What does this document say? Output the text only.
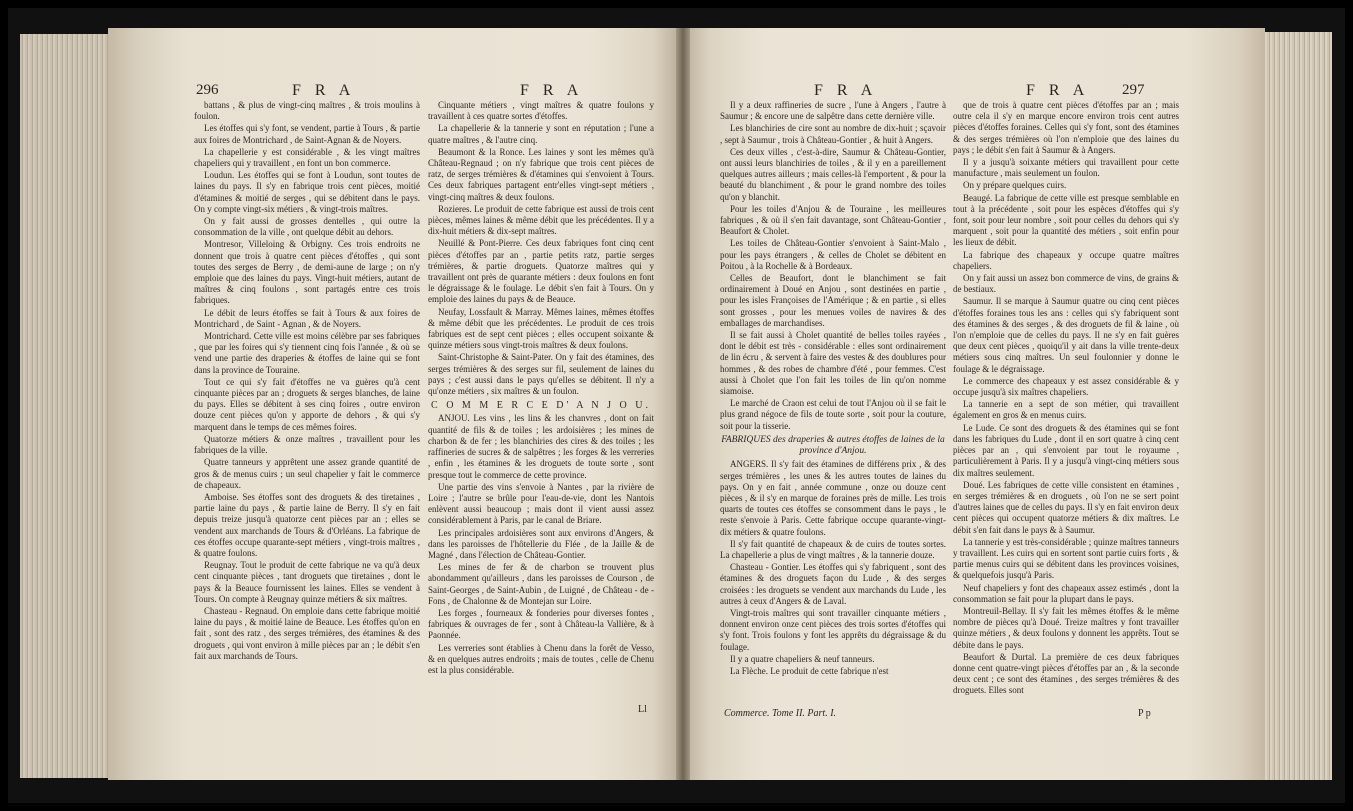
296	F R A	F R A	F R A	F R A 297

battans , & plus de vingt-cinq maîtres , & trois moulins à foulon.

Les étoffes qui s'y font, se vendent, partie à Tours , & partie aux foires de Montrichard , de Saint-Agnan & de Noyers.

La chapellerie y est considérable , & les vingt maîtres chapeliers qui y travaillent , en font un bon commerce.

Loudun. Les étoffes qui se font à Loudun, sont toutes de laines du pays. Il s'y en fabrique trois cent pièces, moitié d'étamines & moitié de serges , qui se débitent dans le pays. On y compte vingt-six métiers , & vingt-trois maîtres.

On y fait aussi de grosses dentelles , qui outre la consommation de la ville , ont quelque débit au dehors.

Montresor, Villeloing & Orbigny. Ces trois endroits ne donnent que trois à quatre cent pièces d'étoffes , qui sont toutes des serges de Berry , de demi-aune de large ; on n'y emploie que des laines du pays. Vingt-huit métiers, autant de maîtres & cinq foulons , sont partagés entre ces trois fabriques.

Le débit de leurs étoffes se fait à Tours & aux foires de Montrichard , de Saint - Agnan , & de Noyers.

Montrichard. Cette ville est moins célèbre par ses fabriques , que par les foires qui s'y tiennent cinq fois l'année , & où se vend une partie des draperies & étoffes de laine qui se font dans la province de Touraine.

Tout ce qui s'y fait d'étoffes ne va guères qu'à cent cinquante pièces par an ; droguets & serges blanches, de laine du pays. Elles se débitent à ses cinq foires , outre environ douze cent pièces qu'on y apporte de dehors , & qui s'y marquent dans le temps de ces mêmes foires.

Quatorze métiers & onze maîtres , travaillent pour les fabriques de la ville.

Quatre tanneurs y apprêtent une assez grande quantité de gros & de menus cuirs ; un seul chapelier y fait le commerce de chapeaux.

Amboise. Ses étoffes sont des droguets & des tiretaines , partie laine du pays , & partie laine de Berry. Il s'y en fait depuis treize jusqu'à quatorze cent pièces par an ; elles se vendent aux marchands de Tours & d'Orléans. La fabrique de ces étoffes occupe quarante-sept métiers , vingt-trois maîtres , & quatre foulons.

Reugnay. Tout le produit de cette fabrique ne va qu'à deux cent cinquante pièces , tant droguets que tiretaines , dont le pays & la Beauce fournissent les laines. Elles se vendent à Tours. On compte à Reugnay quinze métiers & six maîtres.

Chasteau - Regnaud. On emploie dans cette fabrique moitié laine du pays , & moitié laine de Beauce. Les étoffes qu'on en fait , sont des ratz , des serges trémières, des étamines & des droguets , qui vont environ à mille pièces par an ; le débit s'en fait aux marchands de Tours.

Cinquante métiers , vingt maîtres & quatre foulons y travaillent à ces quatre sortes d'étoffes.

La chapellerie & la tannerie y sont en réputation ; l'une a quatre maîtres , & l'autre cinq.

Beaumont & la Ronce. Les laines y sont les mêmes qu'à Château-Regnaud ; on n'y fabrique que trois cent pièces de ratz, de serges trémières & d'étamines qui s'envoient à Tours. Ces deux fabriques partagent entr'elles vingt-sept métiers , vingt-cinq maîtres & deux foulons.

Rozieres. Le produit de cette fabrique est aussi de trois cent pièces, mêmes laines & même débit que les précédentes. Il y a dix-huit métiers & dix-sept maîtres.

Neuillé & Pont-Pierre. Ces deux fabriques font cinq cent pièces d'étoffes par an , partie petits ratz, partie serges trémières, & partie droguets. Quatorze maîtres qui y travaillent ont près de quarante métiers : deux foulons en font le dégraissage & le foulage. Le débit s'en fait à Tours. On y emploie des laines du pays & de Beauce.

Neufay, Lossfault & Marray. Mêmes laines, mêmes étoffes & même débit que les précédentes. Le produit de ces trois fabriques est de sept cent pièces ; elles occupent soixante & quinze métiers sous vingt-trois maîtres & deux foulons.

Saint-Christophe & Saint-Pater. On y fait des étamines, des serges trémières & des serges sur fil, seulement de laines du pays ; c'est aussi dans le pays qu'elles se débitent. Il n'y a qu'onze métiers , six maîtres & un foulon.

C O M M E R C E D' A N J O U.

ANJOU. Les vins , les lins & les chanvres , dont on fait quantité de fils & de toiles ; les ardoisières ; les mines de charbon & de fer ; les blanchiries des cires & des toiles ; les raffineries de sucres & de salpêtres ; les forges & les verreries , enfin , les étamines & les droguets de toute sorte , sont presque tout le commerce de cette province.

Une partie des vins s'envoie à Nantes , par la rivière de Loire ; l'autre se brûle pour l'eau-de-vie, dont les Nantois enlèvent aussi beaucoup ; mais dont il vient aussi assez considérablement à Paris, par le canal de Briare.

Les principales ardoisières sont aux environs d'Angers, & dans les paroisses de l'hôtellerie du Flée , de la Jaille & de Magné , dans l'élection de Château-Gontier.

Les mines de fer & de charbon se trouvent plus abondamment qu'ailleurs , dans les paroisses de Courson , de Saint-Georges , de Saint-Aubin , de Luigné , de Château - de - Fons , de Chalonne & de Montejan sur Loire.

Les forges , fourneaux & fonderies pour diverses fontes , fabriques & ouvrages de fer , sont à Château-la Vallière, & à Paonnée.

Les verreries sont établies à Chenu dans la forêt de Vesso, & en quelques autres endroits ; mais de toutes , celle de Chenu est la plus considérable.

Il y a deux raffineries de sucre , l'une à Angers , l'autre à Saumur ; & encore une de salpêtre dans cette dernière ville.

Les blanchiries de cire sont au nombre de dix-huit ; sçavoir , sept à Saumur , trois à Château-Gontier , & huit à Angers.

Ces deux villes , c'est-à-dire, Saumur & Château-Gontier, ont aussi leurs blanchiries de toiles , & il y en a pareillement quelques autres ailleurs ; mais celles-là l'emportent , & pour la beauté du blanchiment , & pour le grand nombre des toiles qu'on y blanchit.

Pour les toiles d'Anjou & de Touraine , les meilleures fabriques , & où il s'en fait davantage, sont Château-Gontier , Beaufort & Cholet.

Les toiles de Château-Gontier s'envoient à Saint-Malo , pour les pays étrangers , & celles de Cholet se débitent en Poitou , à la Rochelle & à Bordeaux.

Celles de Beaufort, dont le blanchiment se fait ordinairement à Doué en Anjou , sont destinées en partie , pour les isles Françoises de l'Amérique ; & en partie , si elles sont grosses , pour les menues voiles de navires & des emballages de marchandises.

Il se fait aussi à Cholet quantité de belles toiles rayées , dont le débit est très - considérable : elles sont ordinairement de lin écru , & servent à faire des vestes & des doublures pour hommes , & des robes de chambre d'été , pour femmes. C'est aussi à Cholet que l'on fait les toiles de lin qu'on nomme siamoise.

Le marché de Craon est celui de tout l'Anjou où il se fait le plus grand négoce de fils de toute sorte , soit pour la couture, soit pour la tisserie.

FABRIQUES des draperies & autres étoffes de laines de la province d'Anjou.

ANGERS. Il s'y fait des étamines de différens prix , & des serges trémières , les unes & les autres toutes de laines du pays. On y en fait , année commune , onze ou douze cent pièces , & il s'y en marque de foraines près de mille. Les trois quarts de toutes ces étoffes se consomment dans le pays , le reste s'envoie à Paris. Cette fabrique occupe quarante-vingt-dix métiers & quatre foulons.

Il s'y fait quantité de chapeaux & de cuirs de toutes sortes. La chapellerie a plus de vingt maîtres , & la tannerie douze.

Chasteau - Gontier. Les étoffes qui s'y fabriquent , sont des étamines & des droguets façon du Lude , & des serges croisées : les droguets se vendent aux marchands du Lude , les autres à ceux d'Angers & de Laval.

Vingt-trois maîtres qui sont travailler cinquante métiers , donnent environ onze cent pièces des trois sortes d'étoffes qui s'y font. Trois foulons y font les apprêts du dégraissage & du foulage.

Il y a quatre chapeliers & neuf tanneurs.

La Flèche. Le produit de cette fabrique n'est

que de trois à quatre cent pièces d'étoffes par an ; mais outre cela il s'y en marque encore environ trois cent autres pièces d'étoffes foraines. Celles qui s'y font, sont des étamines & des serges trémières où l'on n'emploie que des laines du pays ; le débit s'en fait à Saumur & à Angers.

Il y a jusqu'à soixante métiers qui travaillent pour cette manufacture , mais seulement un foulon.

On y prépare quelques cuirs.

Beaugé. La fabrique de cette ville est presque semblable en tout à la précédente , soit pour les espèces d'étoffes qui s'y font, soit pour leur nombre , soit pour celles du dehors qui s'y marquent , soit pour la quantité des métiers , soit enfin pour les lieux de débit.

La fabrique des chapeaux y occupe quatre maîtres chapeliers.

On y fait aussi un assez bon commerce de vins, de grains & de bestiaux.

Saumur. Il se marque à Saumur quatre ou cinq cent pièces d'étoffes foraines tous les ans : celles qui s'y fabriquent sont des étamines & des serges , & des droguets de fil & laine , où l'on n'emploie que de celles du pays. Il ne s'y en fait guères que deux cent pièces , quoiqu'il y ait dans la ville trente-deux métiers sous cinq maîtres. Un seul foulonnier y donne le foulage & le dégraissage.

Le commerce des chapeaux y est assez considérable & y occupe jusqu'à six maîtres chapeliers.

La tannerie en a sept de son métier, qui travaillent également en gros & en menus cuirs.

Le Lude. Ce sont des droguets & des étamines qui se font dans les fabriques du Lude , dont il en sort quatre à cinq cent pièces par an , qui s'envoient par tout le royaume , particulièrement à Paris. Il y a jusqu'à vingt-cinq métiers sous dix maîtres seulement.

Doué. Les fabriques de cette ville consistent en étamines , en serges trémières & en droguets , où l'on ne se sert point d'autres laines que de celles du pays. Il s'y en fait environ deux cent pièces qui occupent quatorze métiers & dix maîtres. Le débit s'en fait dans le pays & à Saumur.

La tannerie y est très-considérable ; quinze maîtres tanneurs y travaillent. Les cuirs qui en sortent sont partie cuirs forts , & partie menus cuirs qui se débitent dans les provinces voisines, & quelquefois jusqu'à Paris.

Neuf chapeliers y font des chapeaux assez estimés , dont la consommation se fait pour la plupart dans le pays.

Montreuil-Bellay. Il s'y fait les mêmes étoffes & le même nombre de pièces qu'à Doué. Treize maîtres y font travailler quinze métiers , & deux foulons y donnent les apprêts. Tout se débite dans le pays.

Beaufort & Durtal. La première de ces deux fabriques donne cent quatre-vingt pièces d'étoffes par an , & la seconde deux cent ; ce sont des étamines , des serges trémières & des droguets. Elles sont

Ll	Commerce. Tome II. Part. I.	P p
